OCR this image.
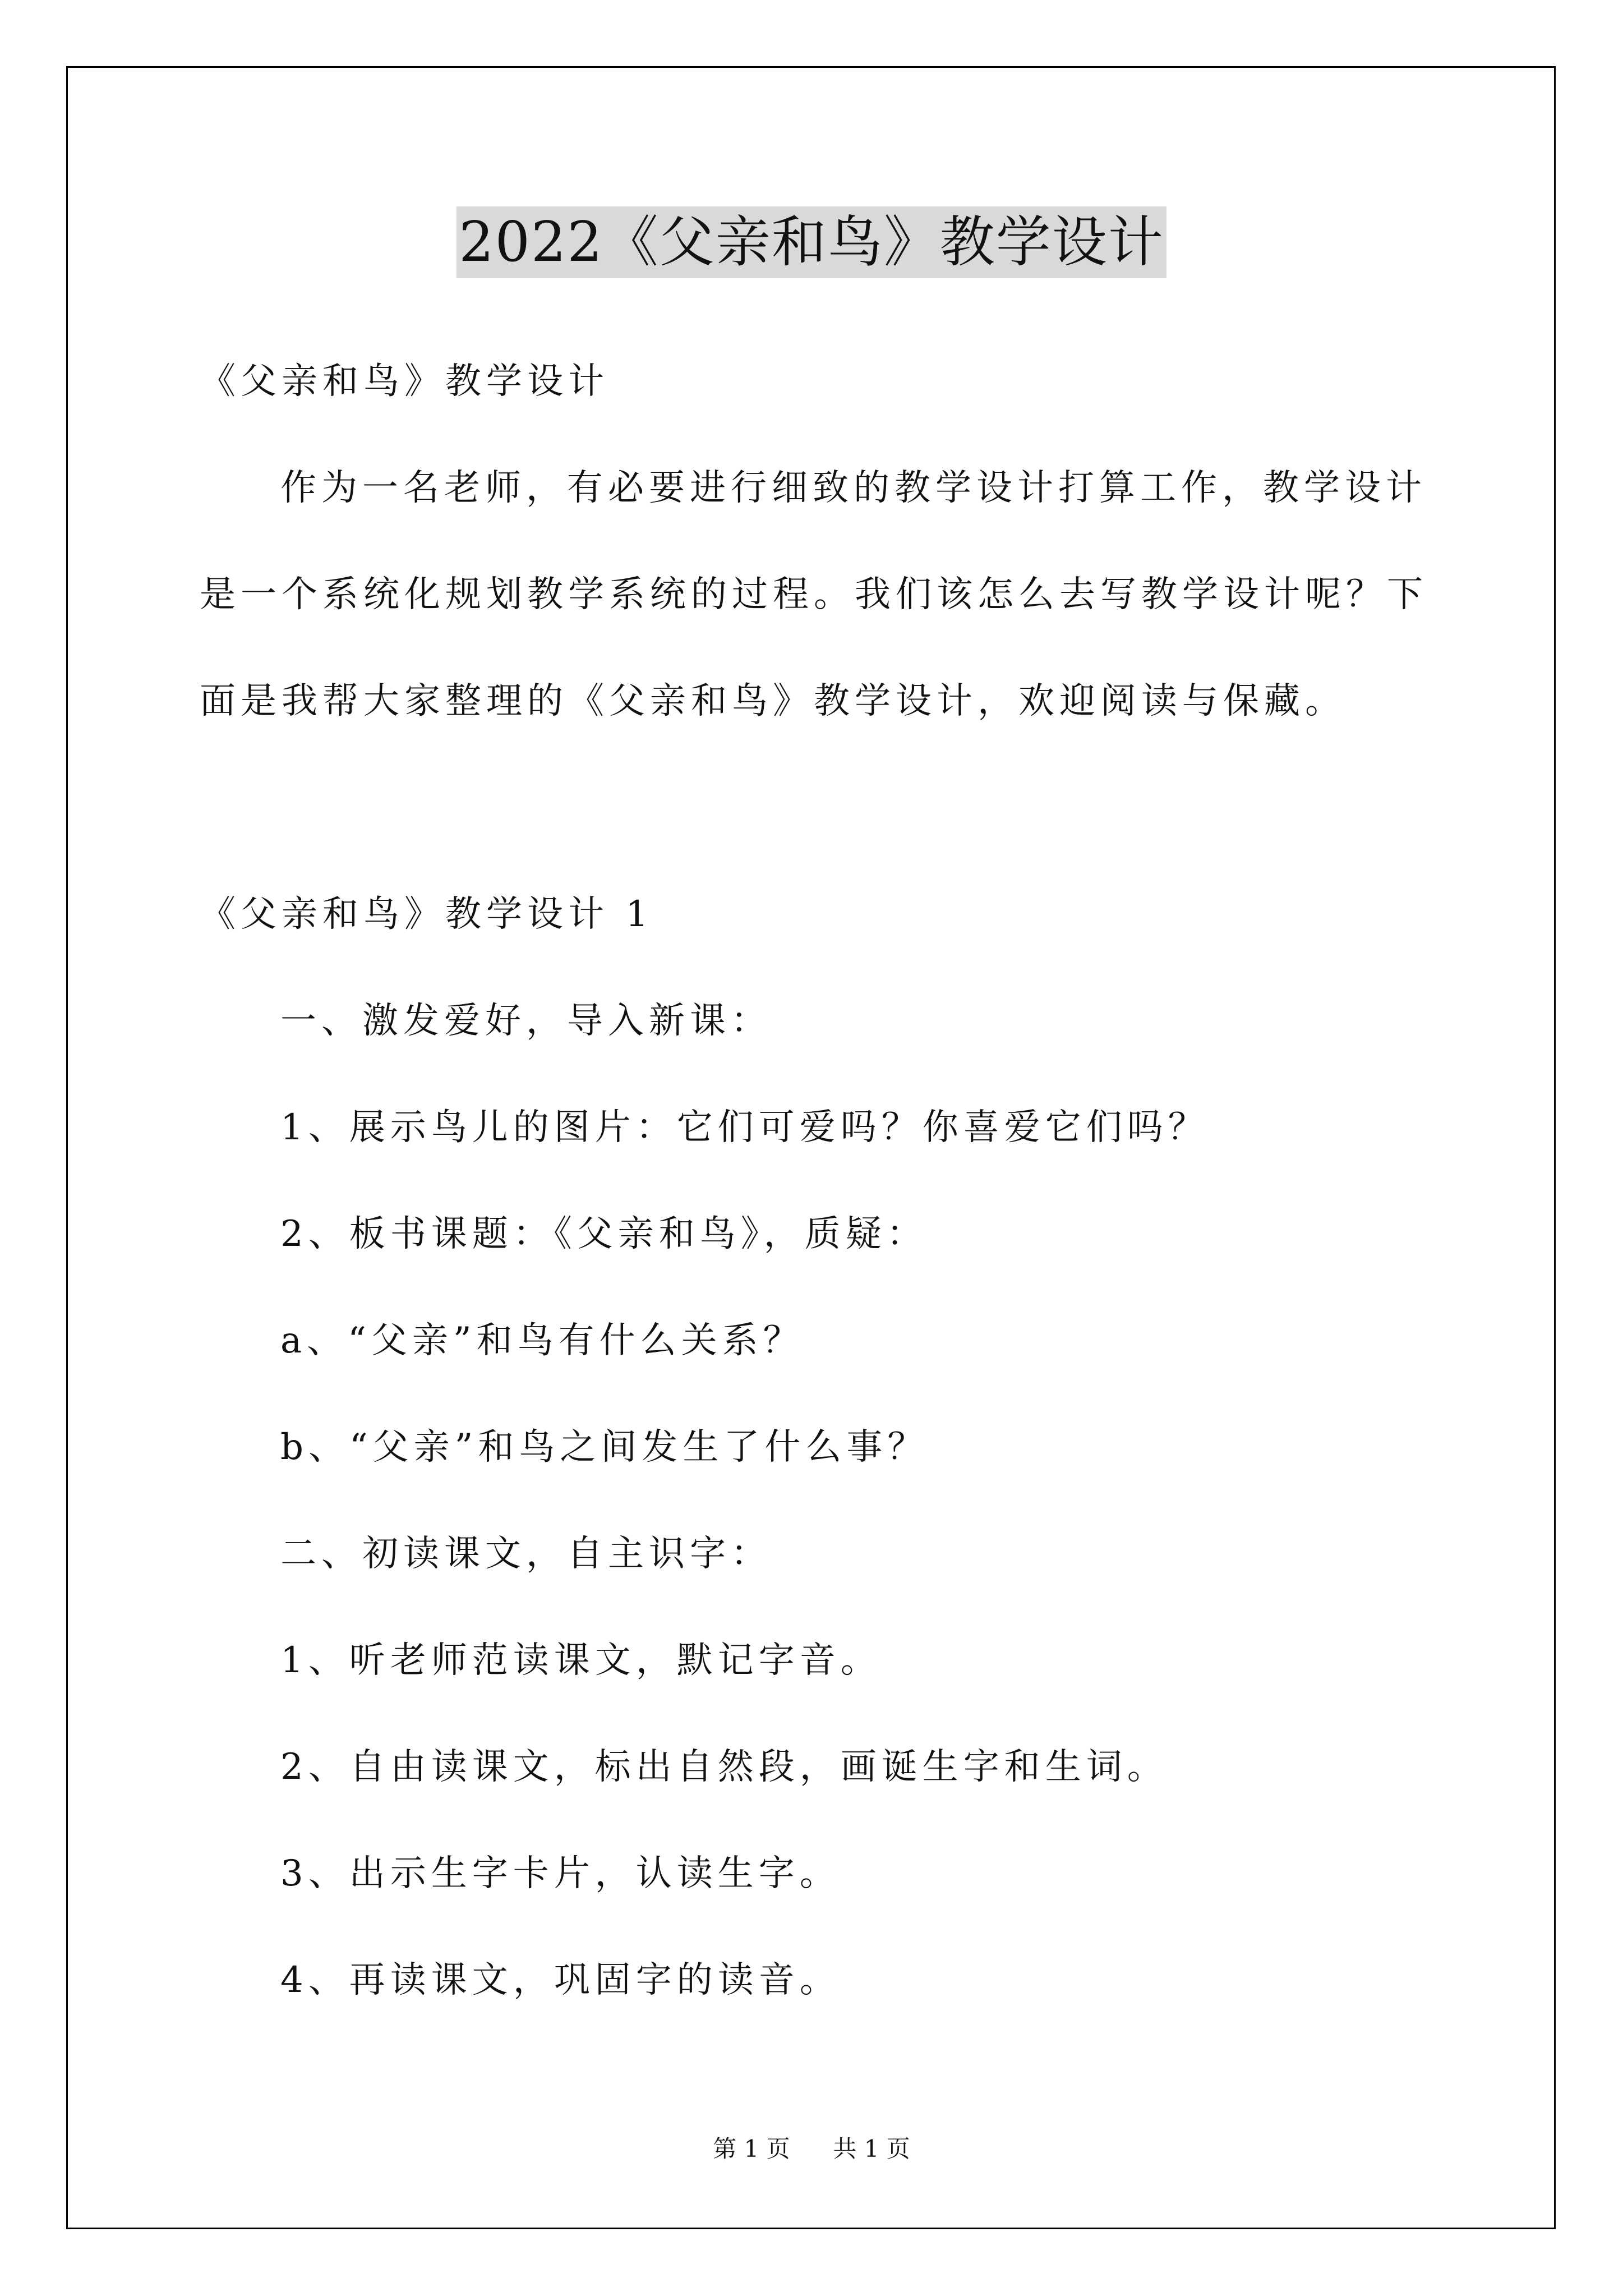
2022《父亲和鸟》教学设计
《父亲和鸟》教学设计
作为一名老师，有必要进行细致的教学设计打算工作，教学设计
是一个系统化规划教学系统的过程。我们该怎么去写教学设计呢？下
面是我帮大家整理的《父亲和鸟》教学设计，欢迎阅读与保藏。
《父亲和鸟》教学设计 1
一、激发爱好，导入新课：
1、展示鸟儿的图片：它们可爱吗？你喜爱它们吗？
2、板书课题：《父亲和鸟》，质疑：
a、“父亲”和鸟有什么关系？
b、“父亲”和鸟之间发生了什么事？
二、初读课文，自主识字：
1、听老师范读课文，默记字音。
2、自由读课文，标出自然段，画诞生字和生词。
3、出示生字卡片，认读生字。
4、再读课文，巩固字的读音。
第 1 页 共 1 页
